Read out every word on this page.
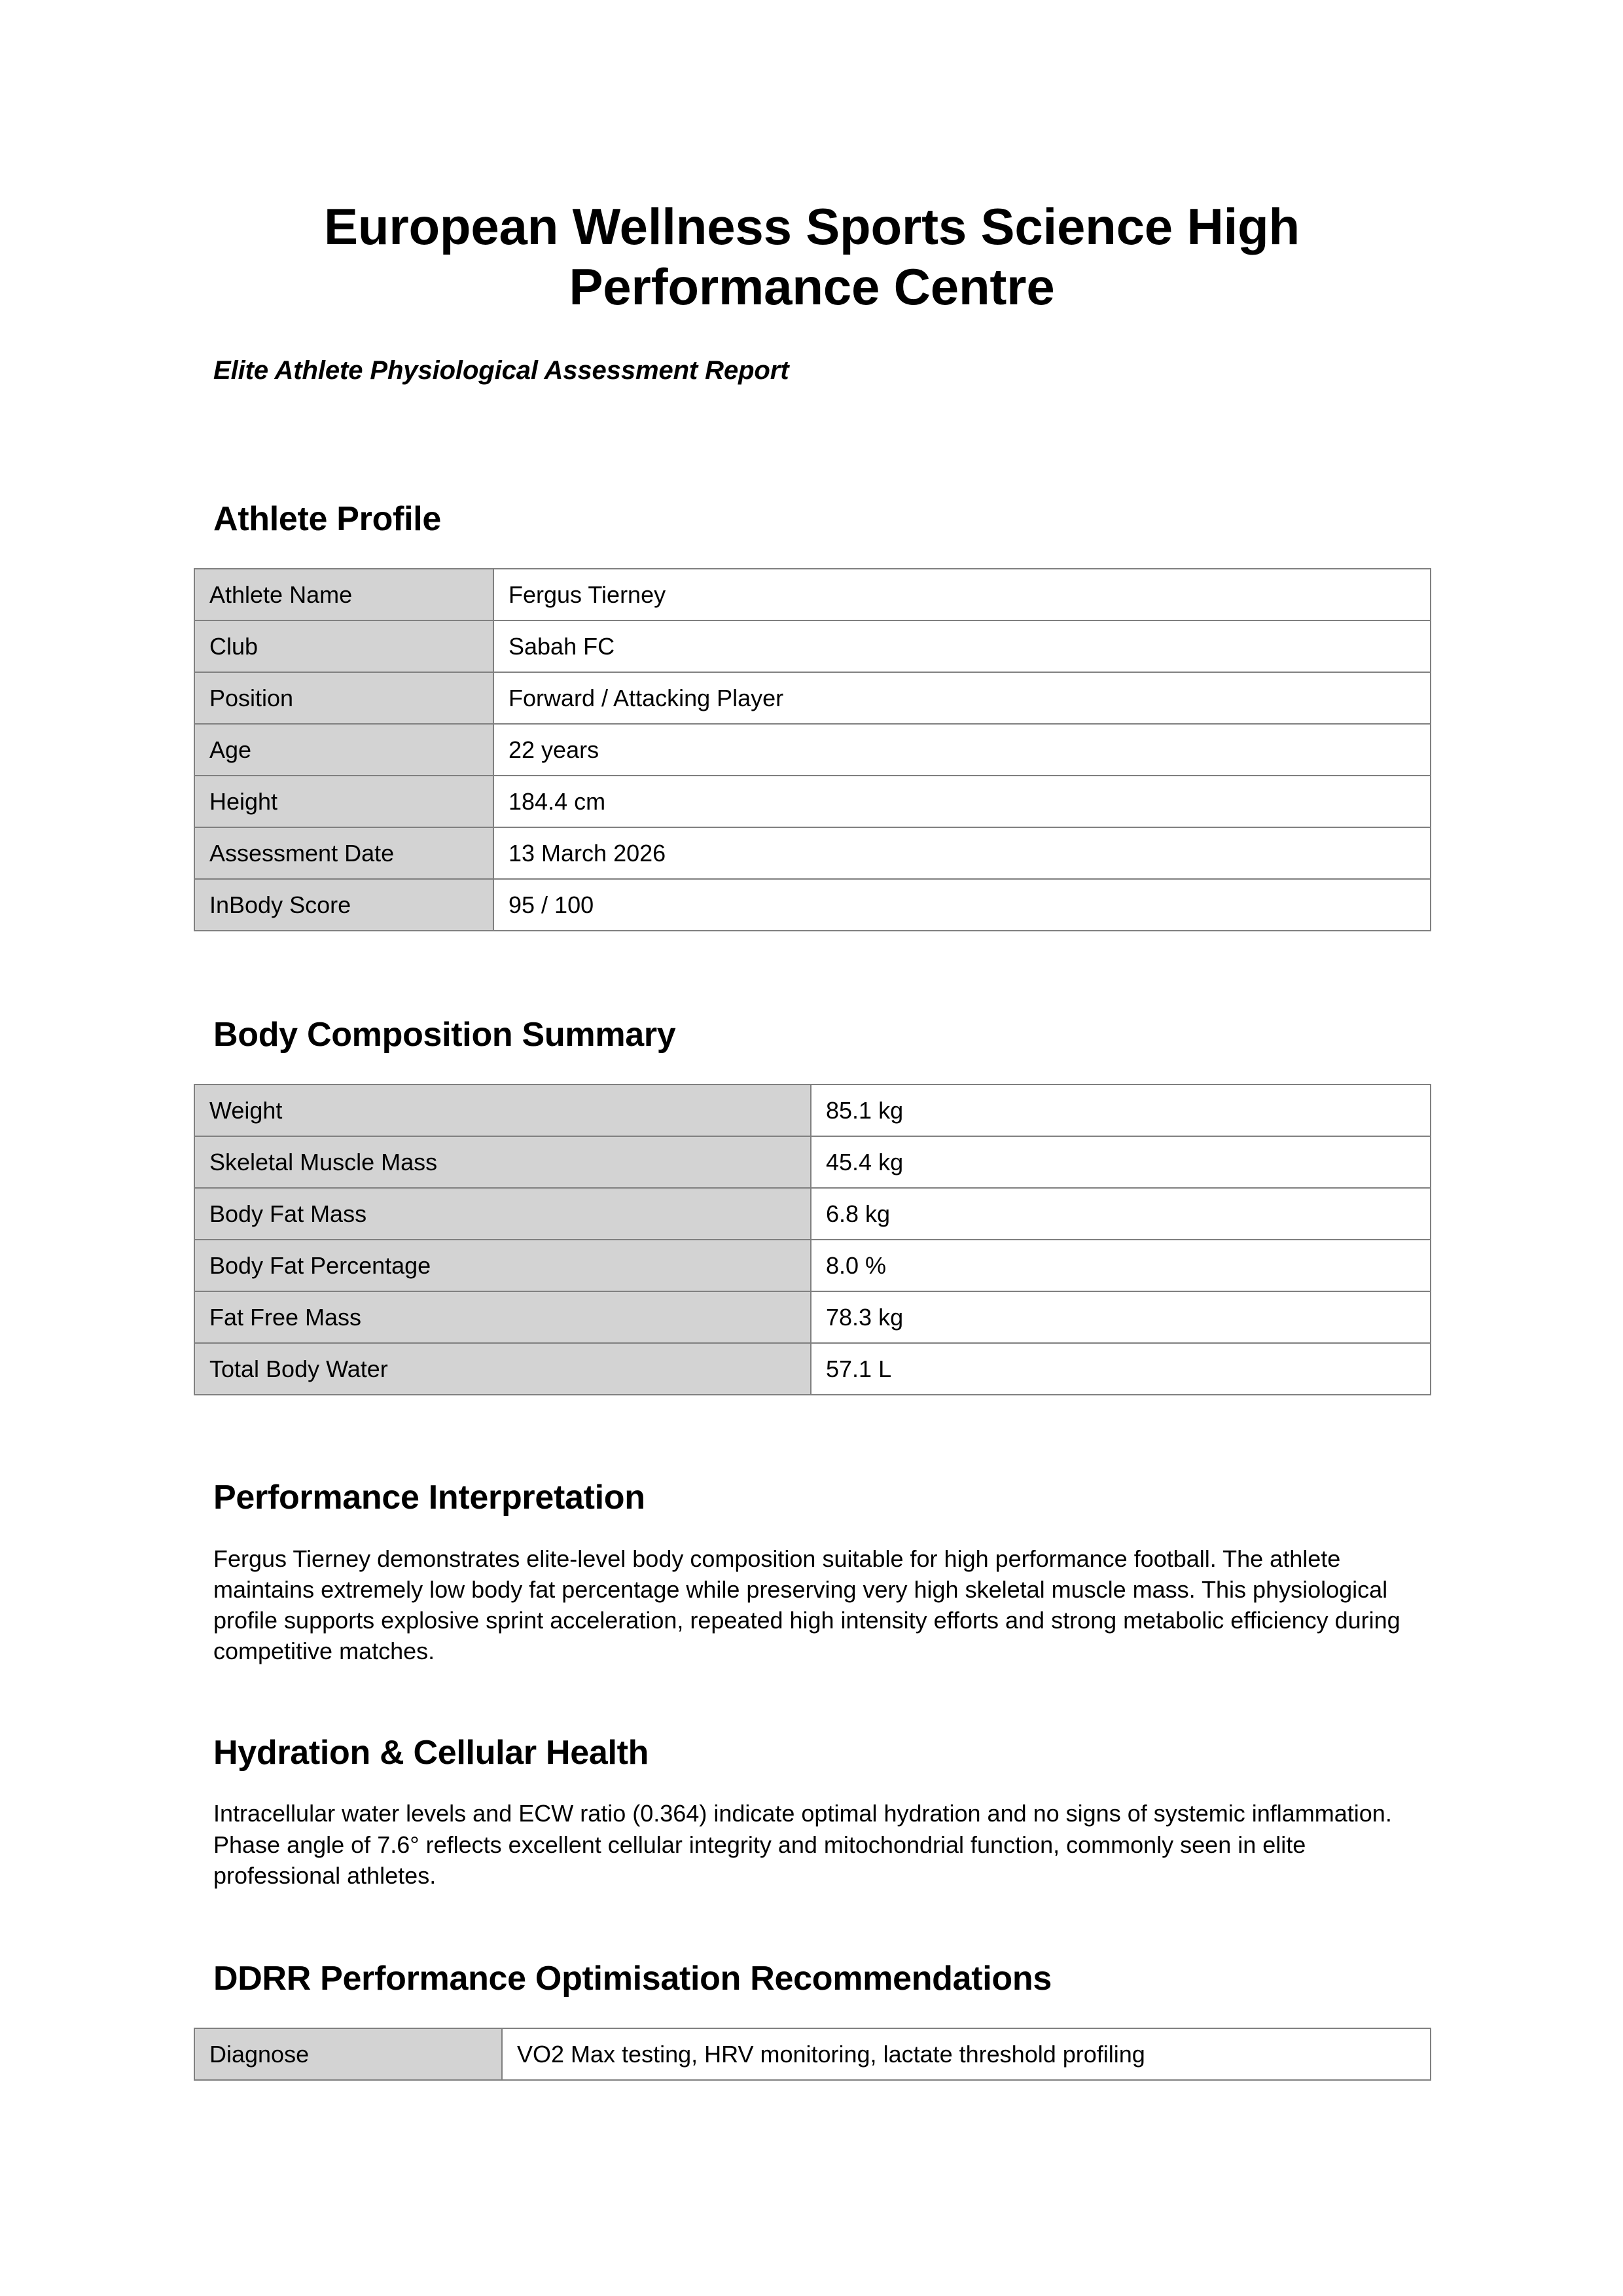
European Wellness Sports Science High Performance Centre
Elite Athlete Physiological Assessment Report
Athlete Profile
Athlete Name	Fergus Tierney
Club	Sabah FC
Position	Forward / Attacking Player
Age	22 years
Height	184.4 cm
Assessment Date	13 March 2026
InBody Score	95 / 100
Body Composition Summary
Weight	85.1 kg
Skeletal Muscle Mass	45.4 kg
Body Fat Mass	6.8 kg
Body Fat Percentage	8.0 %
Fat Free Mass	78.3 kg
Total Body Water	57.1 L
Performance Interpretation

Fergus Tierney demonstrates elite-level body composition suitable for high performance football. The athlete maintains extremely low body fat percentage while preserving very high skeletal muscle mass. This physiological profile supports explosive sprint acceleration, repeated high intensity efforts and strong metabolic efficiency during competitive matches.

Hydration & Cellular Health

Intracellular water levels and ECW ratio (0.364) indicate optimal hydration and no signs of systemic inflammation. Phase angle of 7.6° reflects excellent cellular integrity and mitochondrial function, commonly seen in elite professional athletes.

DDRR Performance Optimisation Recommendations
Diagnose	VO2 Max testing, HRV monitoring, lactate threshold profiling
